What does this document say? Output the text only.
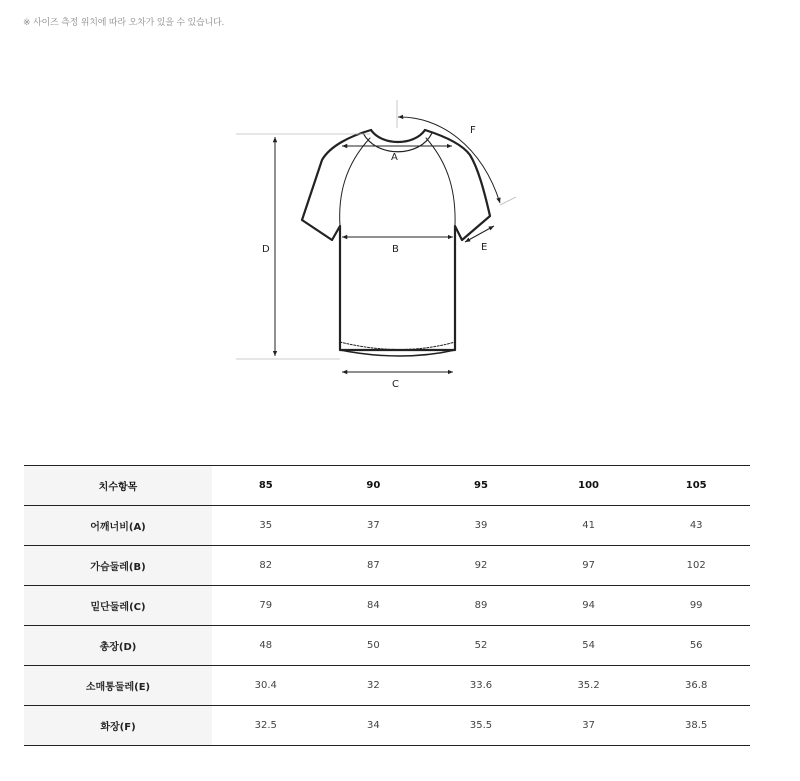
※ 사이즈 측정 위치에 따라 오차가 있을 수 있습니다.
A
B
C
D	E
F
치수항목	85	90	95	100	105
어깨너비(A)	35	37	39	41	43
가슴둘레(B)	82	87	92	97	102
밑단둘레(C)	79	84	89	94	99
총장(D)	48	50	52	54	56
소매통둘레(E)	30.4	32	33.6	35.2	36.8
화장(F)	32.5	34	35.5	37	38.5
